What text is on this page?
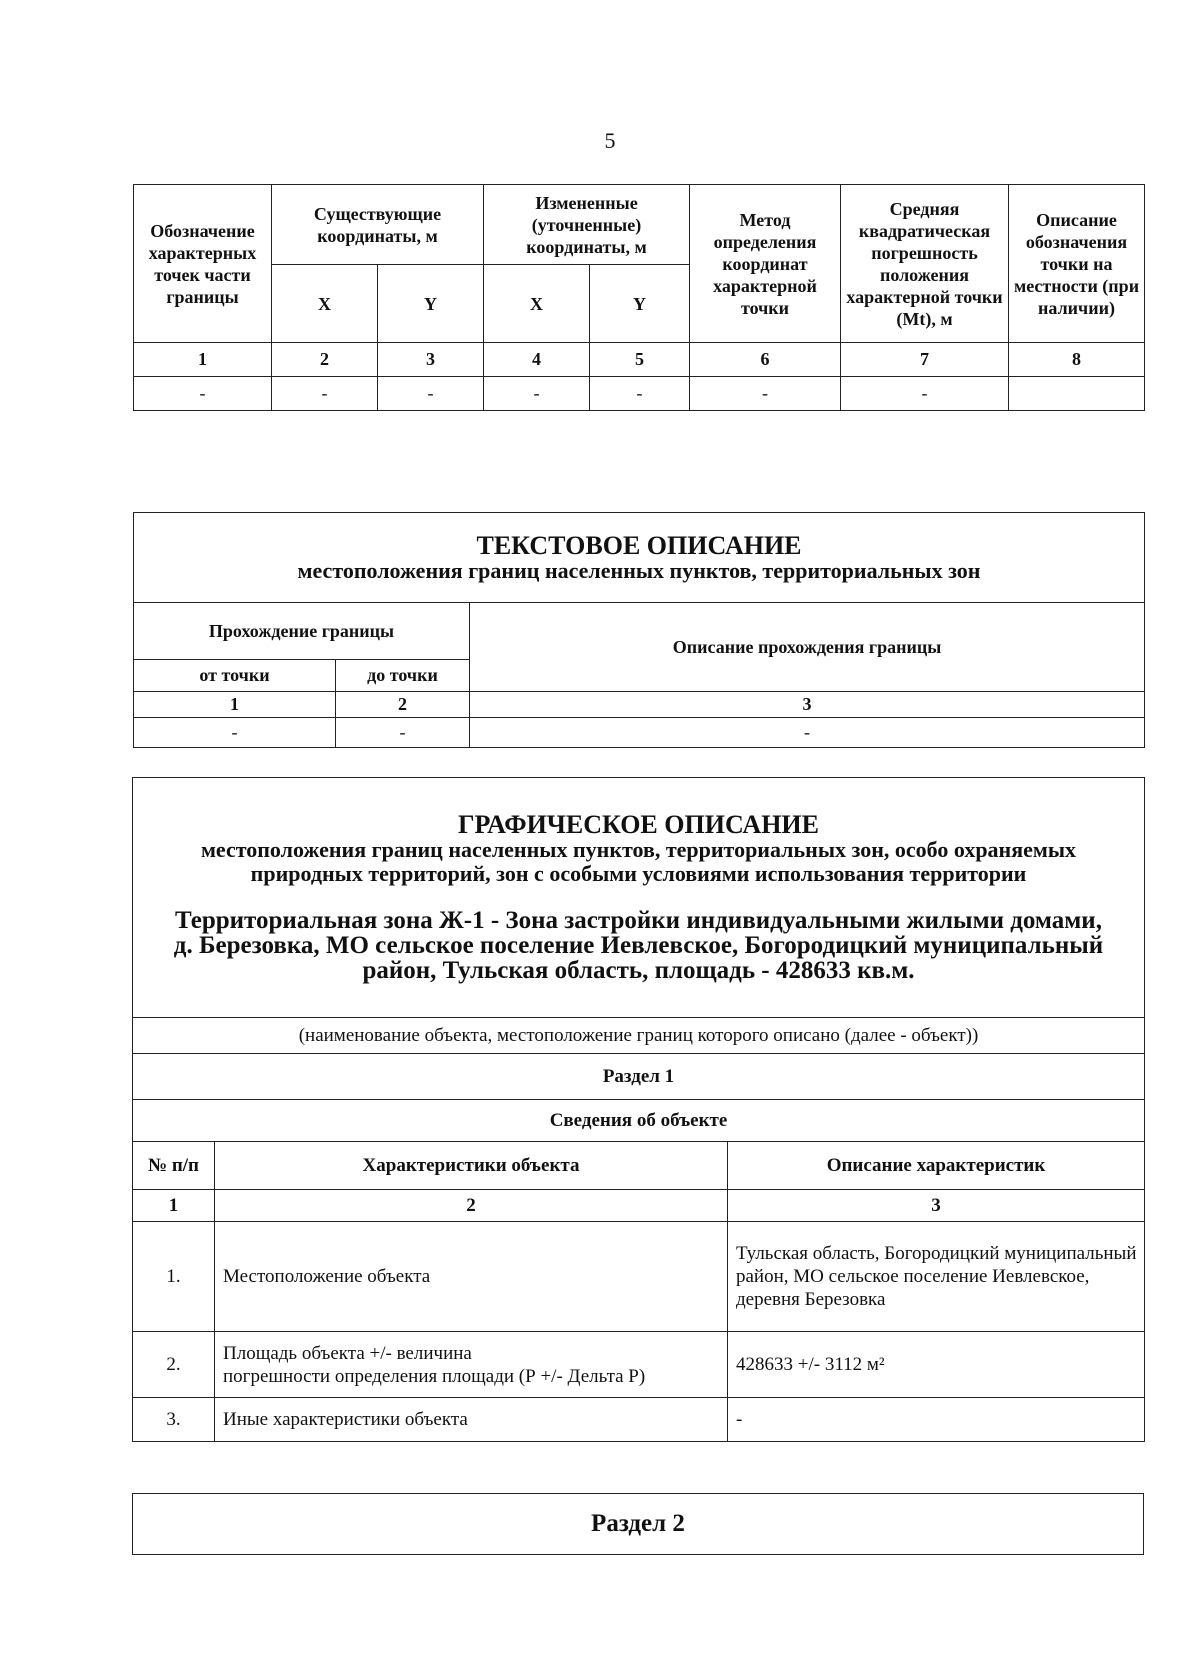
5
Обозначение характерных точек части границы	Существующие координаты, м		Измененные (уточненные) координаты, м		Метод определения координат характерной точки	Средняя квадратическая погрешность положения характерной точки (Mt), м	Описание обозначения точки на местности (при наличии)
	X	Y	X	Y			
1	2	3	4	5	6	7	8
-	-	-	-	-	-	-	
ТЕКСТОВОЕ ОПИСАНИЕ
местоположения границ населенных пунктов, территориальных зон		

Прохождение границы		Описание прохождения границы
от точки	до точки	
1	2	3
-	-	-
ГРАФИЧЕСКОЕ ОПИСАНИЕ
местоположения границ населенных пунктов, территориальных зон, особо охраняемых природных территорий, зон с особыми условиями использования территории
Территориальная зона Ж-1 - Зона застройки индивидуальными жилыми домами, д. Березовка, МО сельское поселение Иевлевское, Богородицкий муниципальный район, Тульская область, площадь - 428633 кв.м.		

(наименование объекта, местоположение границ которого описано (далее - объект))		
Раздел 1		
Сведения об объекте		
№ п/п	Характеристики объекта	Описание характеристик
1	2	3
1.	Местоположение объекта	Тульская область, Богородицкий муниципальный район, МО сельское поселение Иевлевское, деревня Березовка
2.	Площадь объекта +/- величина
погрешности определения площади (Р +/- Дельта Р)	428633 +/- 3112 м²
3.	Иные характеристики объекта	-
Раздел 2
